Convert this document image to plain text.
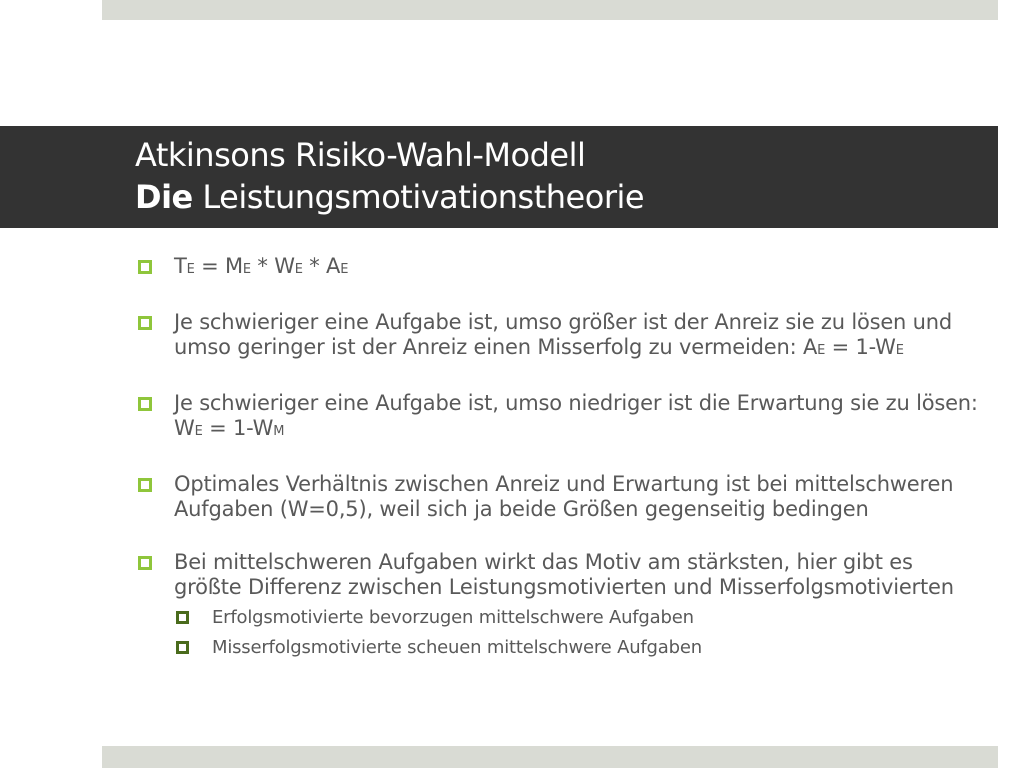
Atkinsons Risiko-Wahl-Modell
Die Leistungsmotivationstheorie
TE = ME * WE * AE
Je schwieriger eine Aufgabe ist, umso größer ist der Anreiz sie zu lösen und umso geringer ist der Anreiz einen Misserfolg zu vermeiden: AE = 1-WE
Je schwieriger eine Aufgabe ist, umso niedriger ist die Erwartung sie zu lösen: WE = 1-WM
Optimales Verhältnis zwischen Anreiz und Erwartung ist bei mittelschweren Aufgaben (W=0,5), weil sich ja beide Größen gegenseitig bedingen
Bei mittelschweren Aufgaben wirkt das Motiv am stärksten, hier gibt es größte Differenz zwischen Leistungsmotivierten und Misserfolgsmotivierten
Erfolgsmotivierte bevorzugen mittelschwere Aufgaben
Misserfolgsmotivierte scheuen mittelschwere Aufgaben
